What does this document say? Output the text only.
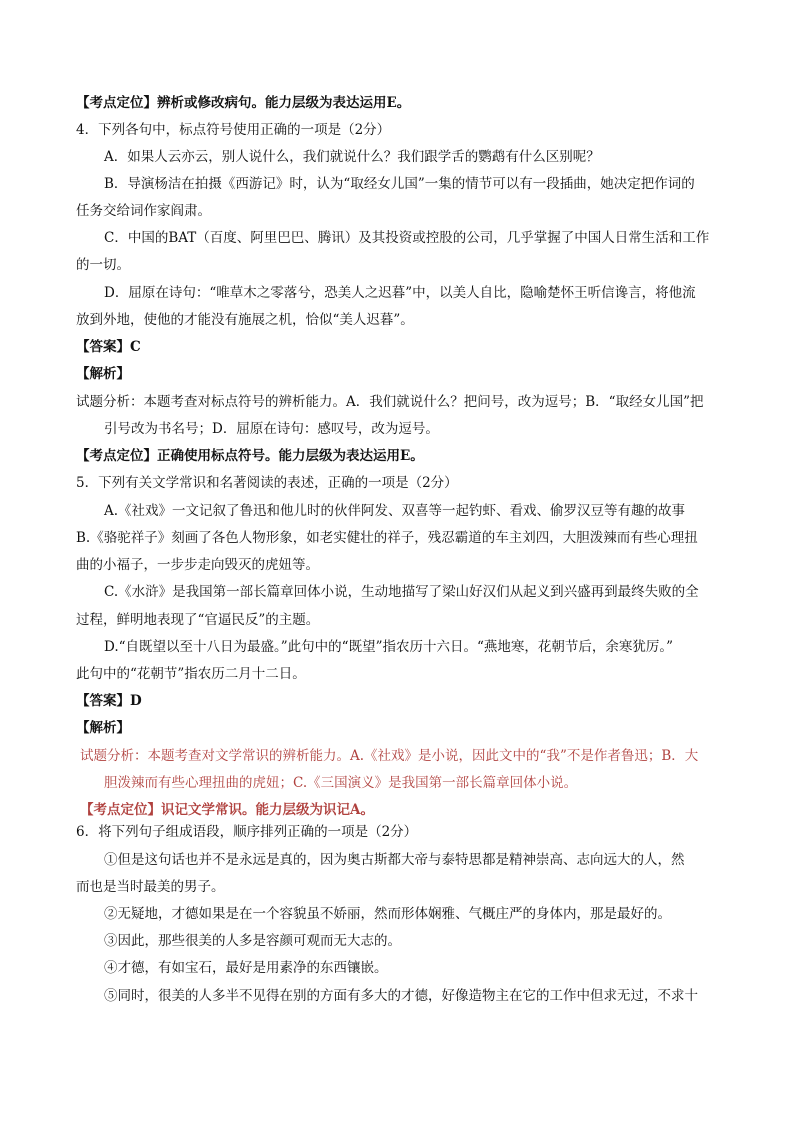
【考点定位】辨析或修改病句。能力层级为表达运用E。
4．下列各句中，标点符号使用正确的一项是（2分）
A．如果人云亦云，别人说什么，我们就说什么？我们跟学舌的鹦鹉有什么区别呢？
B．导演杨洁在拍摄《西游记》时，认为“取经女儿国”一集的情节可以有一段插曲，她决定把作词的
任务交给词作家阎肃。
C．中国的BAT（百度、阿里巴巴、腾讯）及其投资或控股的公司，几乎掌握了中国人日常生活和工作
的一切。
D．屈原在诗句：“唯草木之零落兮，恐美人之迟暮”中，以美人自比，隐喻楚怀王听信谗言，将他流
放到外地，使他的才能没有施展之机，恰似“美人迟暮”。
【答案】C
【解析】
试题分析：本题考查对标点符号的辨析能力。A．我们就说什么？把问号，改为逗号；B．“取经女儿国”把
引号改为书名号；D．屈原在诗句：感叹号，改为逗号。
【考点定位】正确使用标点符号。能力层级为表达运用E。
5．下列有关文学常识和名著阅读的表述，正确的一项是（2分）
A.《社戏》一文记叙了鲁迅和他儿时的伙伴阿发、双喜等一起钓虾、看戏、偷罗汉豆等有趣的故事
B.《骆驼祥子》刻画了各色人物形象，如老实健壮的祥子，残忍霸道的车主刘四，大胆泼辣而有些心理扭
曲的小福子，一步步走向毁灭的虎妞等。
C.《水浒》是我国第一部长篇章回体小说，生动地描写了梁山好汉们从起义到兴盛再到最终失败的全
过程，鲜明地表现了“官逼民反”的主题。
D.“自既望以至十八日为最盛。”此句中的“既望”指农历十六日。“燕地寒，花朝节后，余寒犹厉。”
此句中的“花朝节”指农历二月十二日。
【答案】D
【解析】
试题分析：本题考查对文学常识的辨析能力。A.《社戏》是小说，因此文中的“我”不是作者鲁迅；B．大
胆泼辣而有些心理扭曲的虎妞；C.《三国演义》是我国第一部长篇章回体小说。
【考点定位】识记文学常识。能力层级为识记A。
6．将下列句子组成语段，顺序排列正确的一项是（2分）
①但是这句话也并不是永远是真的，因为奥古斯都大帝与泰特思都是精神崇高、志向远大的人，然
而也是当时最美的男子。
②无疑地，才德如果是在一个容貌虽不娇丽，然而形体娴雅、气概庄严的身体内，那是最好的。
③因此，那些很美的人多是容颜可观而无大志的。
④才德，有如宝石，最好是用素净的东西镶嵌。
⑤同时，很美的人多半不见得在别的方面有多大的才德，好像造物主在它的工作中但求无过，不求十
